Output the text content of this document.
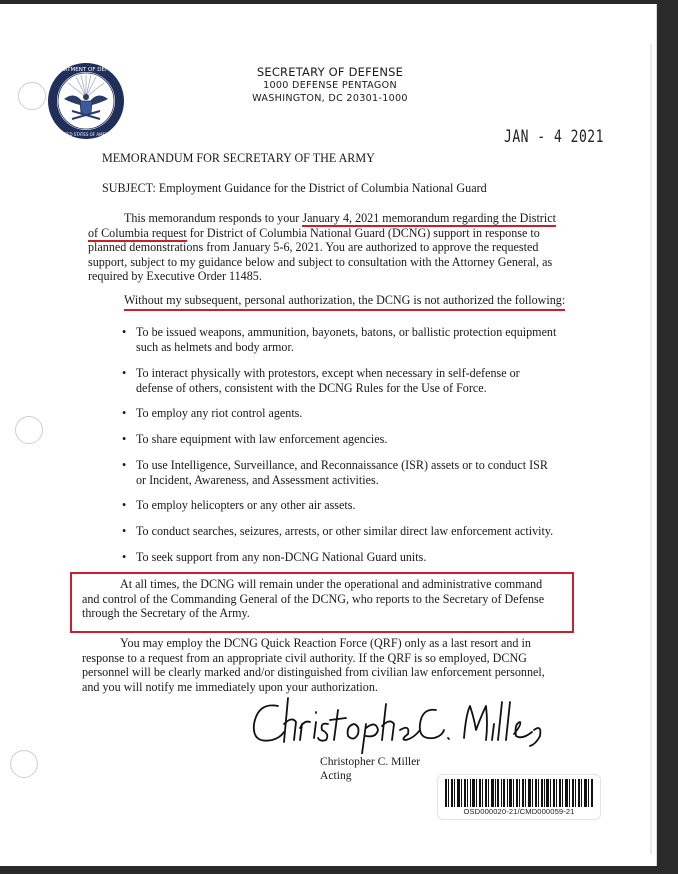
DEPARTMENT OF DEFENSE
UNITED STATES OF AMERICA
SECRETARY OF DEFENSE
1000 DEFENSE PENTAGON
WASHINGTON, DC 20301-1000
JAN - 4 2021
MEMORANDUM FOR SECRETARY OF THE ARMY
SUBJECT: Employment Guidance for the District of Columbia National Guard
This memorandum responds to your January 4, 2021 memorandum regarding the District
of Columbia request for District of Columbia National Guard (DCNG) support in response to
planned demonstrations from January 5-6, 2021. You are authorized to approve the requested
support, subject to my guidance below and subject to consultation with the Attorney General, as
required by Executive Order 11485.
Without my subsequent, personal authorization, the DCNG is not authorized the following:
• To be issued weapons, ammunition, bayonets, batons, or ballistic protection equipment
such as helmets and body armor.
• To interact physically with protestors, except when necessary in self-defense or
defense of others, consistent with the DCNG Rules for the Use of Force.
• To employ any riot control agents.
• To share equipment with law enforcement agencies.
• To use Intelligence, Surveillance, and Reconnaissance (ISR) assets or to conduct ISR
or Incident, Awareness, and Assessment activities.
• To employ helicopters or any other air assets.
• To conduct searches, seizures, arrests, or other similar direct law enforcement activity.
• To seek support from any non-DCNG National Guard units.
At all times, the DCNG will remain under the operational and administrative command
and control of the Commanding General of the DCNG, who reports to the Secretary of Defense
through the Secretary of the Army.
You may employ the DCNG Quick Reaction Force (QRF) only as a last resort and in
response to a request from an appropriate civil authority. If the QRF is so employed, DCNG
personnel will be clearly marked and/or distinguished from civilian law enforcement personnel,
and you will notify me immediately upon your authorization.
Christopher C. Miller
Acting
OSD000020-21/CMD000059-21
